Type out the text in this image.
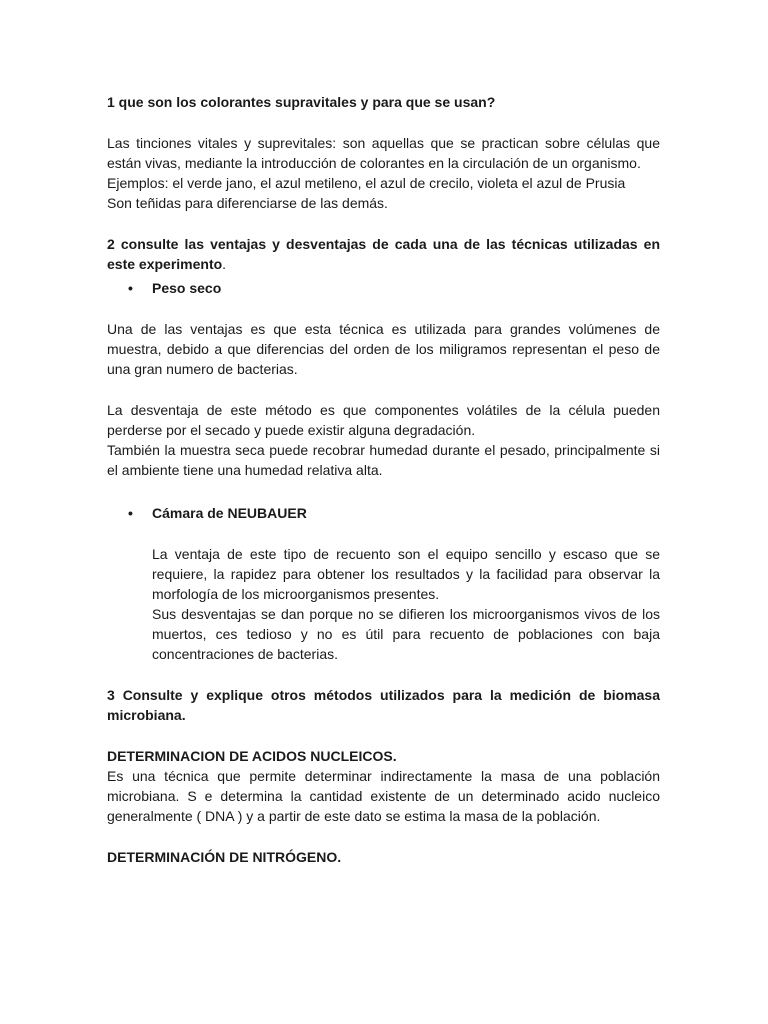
1 que son los colorantes supravitales y para que se usan?

Las tinciones vitales y suprevitales: son aquellas que se practican sobre células que están vivas, mediante la introducción de colorantes en la circulación de un organismo.

Ejemplos: el verde jano, el azul metileno, el azul de crecilo, violeta el azul de Prusia

Son teñidas para diferenciarse de las demás.

2 consulte las ventajas y desventajas de cada una de las técnicas utilizadas en este experimento.

•	Peso seco

Una de las ventajas es que esta técnica es utilizada para grandes volúmenes de muestra, debido a que diferencias del orden de los miligramos representan el peso de una gran numero de bacterias.

La desventaja de este método es que componentes volátiles de la célula pueden perderse por el secado y puede existir alguna degradación.

También la muestra seca puede recobrar humedad durante el pesado, principalmente si el ambiente tiene una humedad relativa alta.

•	Cámara de NEUBAUER

La ventaja de este tipo de recuento son el equipo sencillo y escaso que se requiere, la rapidez para obtener los resultados y la facilidad para observar la morfología de los microorganismos presentes.

Sus desventajas se dan porque no se difieren los microorganismos vivos de los muertos, ces tedioso y no es útil para recuento de poblaciones con baja concentraciones de bacterias.

3 Consulte y explique otros métodos utilizados para la medición de biomasa microbiana.

DETERMINACION DE ACIDOS NUCLEICOS.

Es una técnica que permite determinar indirectamente la masa de una población microbiana. S e determina la cantidad existente de un determinado acido nucleico generalmente ( DNA ) y a partir de este dato se estima la masa de la población.

DETERMINACIÓN DE NITRÓGENO.
